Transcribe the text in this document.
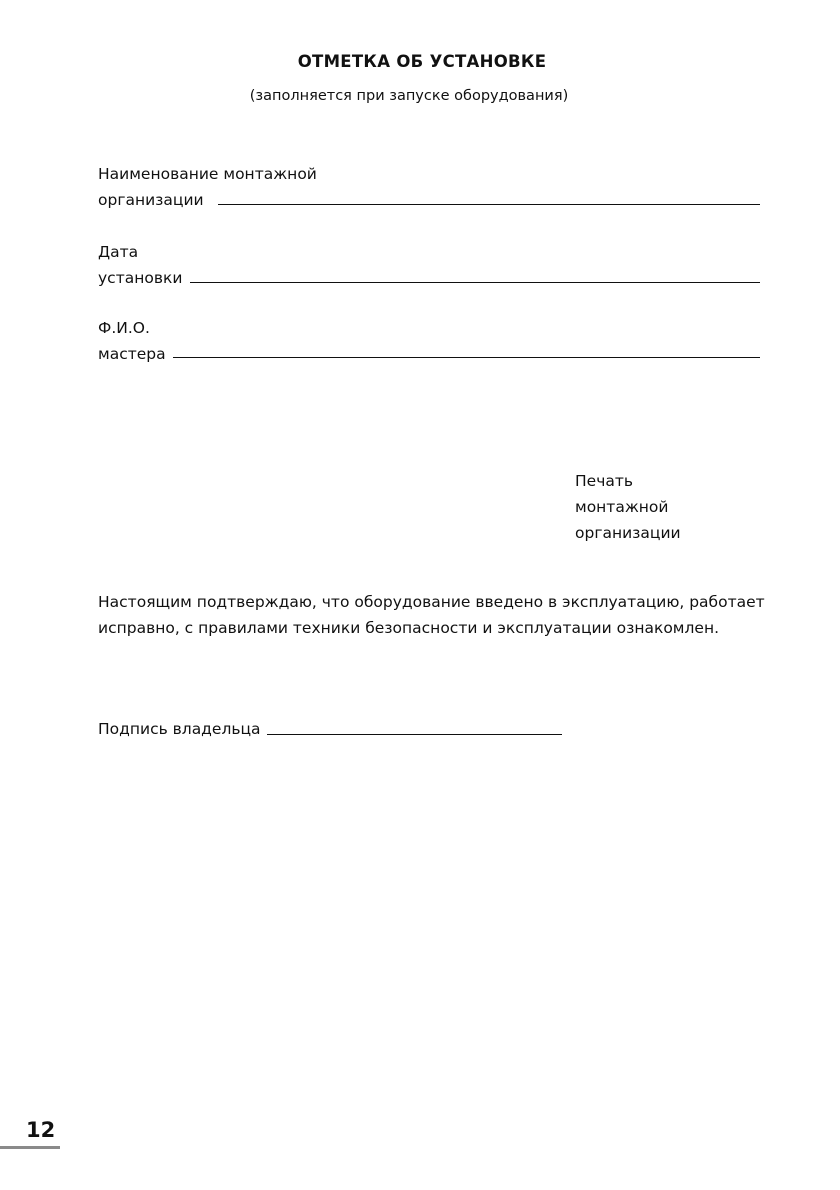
ОТМЕТКА ОБ УСТАНОВКЕ
(заполняется при запуске оборудования)
Наименование монтажной
организации
Дата
установки
Ф.И.О.
мастера
Печать
монтажной
организации
Настоящим подтверждаю, что оборудование введено в эксплуатацию, работает
исправно, с правилами техники безопасности и эксплуатации ознакомлен.
Подпись владельца
12
